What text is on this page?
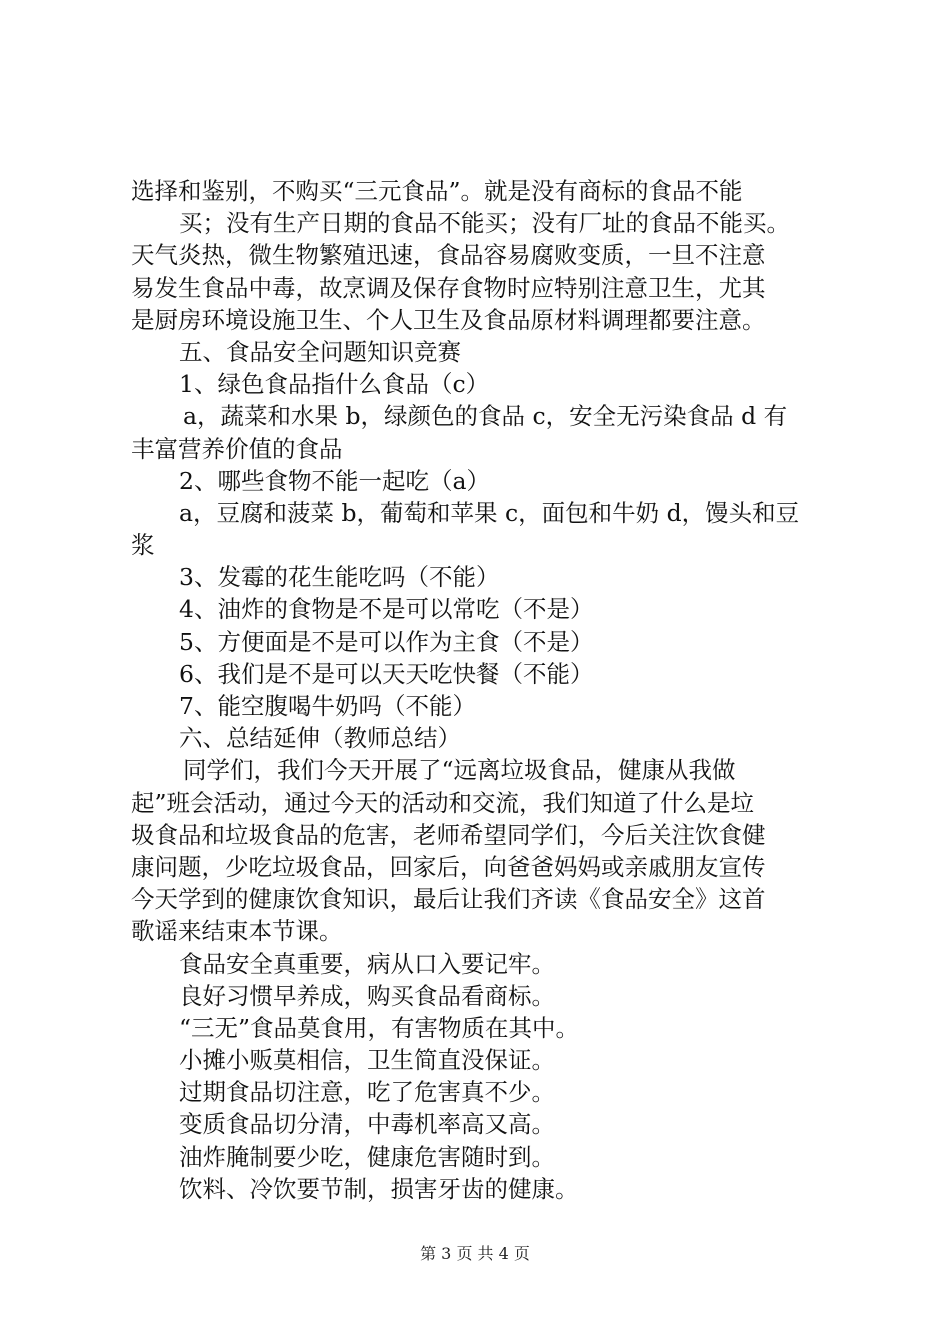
选择和鉴别，不购买“三元食品”。就是没有商标的食品不能
买；没有生产日期的食品不能买；没有厂址的食品不能买。
天气炎热，微生物繁殖迅速，食品容易腐败变质，一旦不注意
易发生食品中毒，故烹调及保存食物时应特别注意卫生，尤其
是厨房环境设施卫生、个人卫生及食品原材料调理都要注意。
五、食品安全问题知识竞赛
1、绿色食品指什么食品（c）
a，蔬菜和水果 b，绿颜色的食品 c，安全无污染食品 d 有
丰富营养价值的食品
2、哪些食物不能一起吃（a）
a，豆腐和菠菜 b，葡萄和苹果 c，面包和牛奶 d，馒头和豆
浆
3、发霉的花生能吃吗（不能）
4、油炸的食物是不是可以常吃（不是）
5、方便面是不是可以作为主食（不是）
6、我们是不是可以天天吃快餐（不能）
7、能空腹喝牛奶吗（不能）
六、总结延伸（教师总结）
同学们，我们今天开展了“远离垃圾食品，健康从我做
起”班会活动，通过今天的活动和交流，我们知道了什么是垃
圾食品和垃圾食品的危害，老师希望同学们，今后关注饮食健
康问题，少吃垃圾食品，回家后，向爸爸妈妈或亲戚朋友宣传
今天学到的健康饮食知识，最后让我们齐读《食品安全》这首
歌谣来结束本节课。
食品安全真重要，病从口入要记牢。
良好习惯早养成，购买食品看商标。
“三无”食品莫食用，有害物质在其中。
小摊小贩莫相信，卫生简直没保证。
过期食品切注意，吃了危害真不少。
变质食品切分清，中毒机率高又高。
油炸腌制要少吃，健康危害随时到。
饮料、冷饮要节制，损害牙齿的健康。
第 3 页 共 4 页
